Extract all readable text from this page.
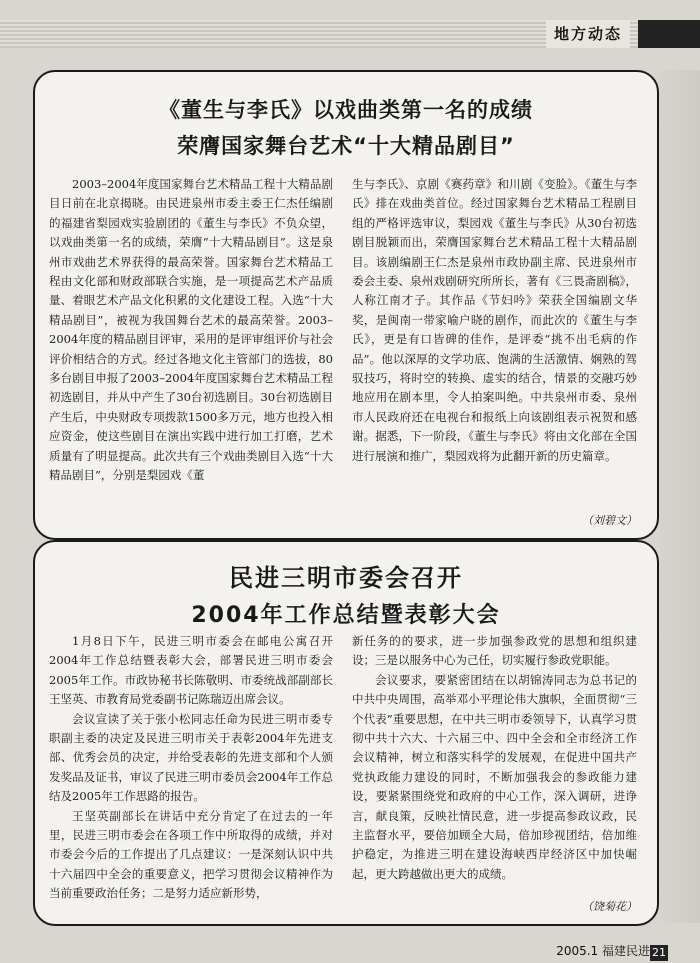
地方动态
《董生与李氏》以戏曲类第一名的成绩
荣膺国家舞台艺术“十大精品剧目”

2003–2004年度国家舞台艺术精品工程十大精品剧目日前在北京揭晓。由民进泉州市委主委王仁杰任编剧的福建省梨园戏实验剧团的《董生与李氏》不负众望，以戏曲类第一名的成绩，荣膺“十大精品剧目”。这是泉州市戏曲艺术界获得的最高荣誉。国家舞台艺术精品工程由文化部和财政部联合实施，是一项提高艺术产品质量、着眼艺术产品文化积累的文化建设工程。入选“十大精品剧目”，被视为我国舞台艺术的最高荣誉。2003–2004年度的精品剧目评审，采用的是评审组评价与社会评价相结合的方式。经过各地文化主管部门的选拔，80多台剧目申报了2003–2004年度国家舞台艺术精品工程初选剧目，并从中产生了30台初选剧目。30台初选剧目产生后，中央财政专项拨款1500多万元，地方也投入相应资金，使这些剧目在演出实践中进行加工打磨，艺术质量有了明显提高。此次共有三个戏曲类剧目入选“十大精品剧目”，分别是梨园戏《董

生与李氏》、京剧《赛药章》和川剧《变脸》。《董生与李氏》排在戏曲类首位。经过国家舞台艺术精品工程剧目组的严格评选审议，梨园戏《董生与李氏》从30台初选剧目脱颖而出，荣膺国家舞台艺术精品工程十大精品剧目。该剧编剧王仁杰是泉州市政协副主席、民进泉州市委会主委、泉州戏剧研究所所长，著有《三畏斋剧稿》，人称江南才子。其作品《节妇吟》荣获全国编剧文华奖，是闽南一带家喻户晓的剧作，而此次的《董生与李氏》，更是有口皆碑的佳作，是评委“挑不出毛病的作品”。他以深厚的文学功底、饱满的生活激情、娴熟的驾驭技巧，将时空的转换、虚实的结合，情景的交融巧妙地应用在剧本里，令人拍案叫绝。中共泉州市委、泉州市人民政府还在电视台和报纸上向该剧组表示祝贺和感谢。据悉，下一阶段，《董生与李氏》将由文化部在全国进行展演和推广，梨园戏将为此翻开新的历史篇章。

（刘碧文）
民进三明市委会召开
2004年工作总结暨表彰大会

1月8日下午，民进三明市委会在邮电公寓召开2004年工作总结暨表彰大会，部署民进三明市委会2005年工作。市政协秘书长陈敬明、市委统战部副部长王坚英、市教育局党委副书记陈瑞迈出席会议。

会议宣读了关于张小松同志任命为民进三明市委专职副主委的决定及民进三明市关于表彰2004年先进支部、优秀会员的决定，并给受表彰的先进支部和个人颁发奖品及证书，审议了民进三明市委员会2004年工作总结及2005年工作思路的报告。

王坚英副部长在讲话中充分肯定了在过去的一年里，民进三明市委会在各项工作中所取得的成绩，并对市委会今后的工作提出了几点建议：一是深刻认识中共十六届四中全会的重要意义，把学习贯彻会议精神作为当前重要政治任务；二是努力适应新形势，

新任务的的要求，进一步加强参政党的思想和组织建设；三是以服务中心为己任，切实履行参政党职能。

会议要求，要紧密团结在以胡锦涛同志为总书记的中共中央周围，高举邓小平理论伟大旗帜，全面贯彻“三个代表”重要思想，在中共三明市委领导下，认真学习贯彻中共十六大、十六届三中、四中全会和全市经济工作会议精神，树立和落实科学的发展观，在促进中国共产党执政能力建设的同时，不断加强我会的参政能力建设，要紧紧围绕党和政府的中心工作，深入调研，进诤言，献良策，反映社情民意，进一步提高参政议政，民主监督水平，要倍加顾全大局，倍加珍视团结，倍加维护稳定，为推进三明在建设海峡西岸经济区中加快崛起，更大跨越做出更大的成绩。

（饶菊花）
2005.1 福建民进 21
